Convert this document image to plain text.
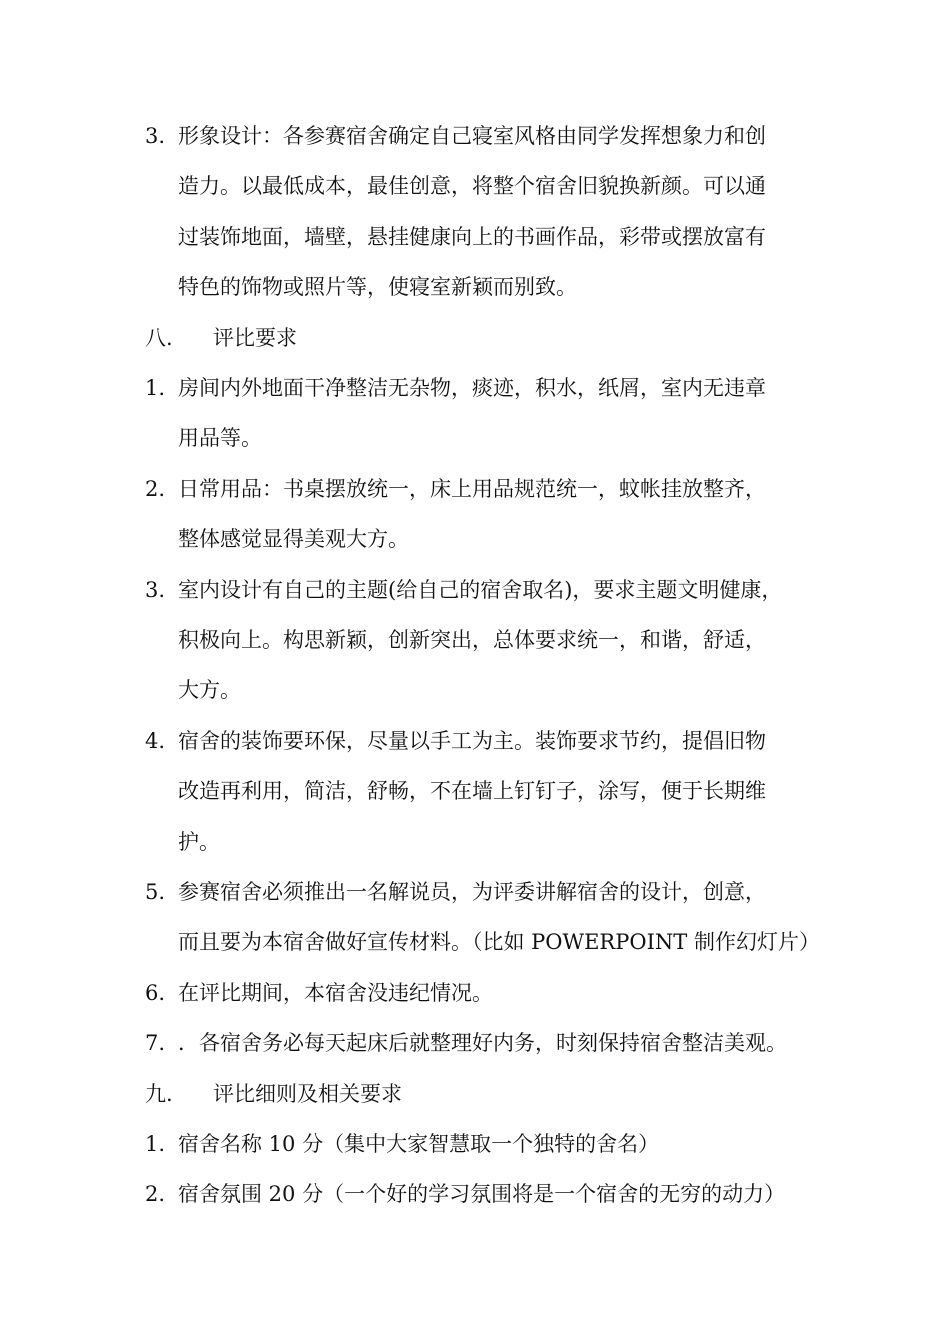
3. 形象设计：各参赛宿舍确定自己寝室风格由同学发挥想象力和创
造力。以最低成本，最佳创意，将整个宿舍旧貌换新颜。可以通
过装饰地面，墙壁，悬挂健康向上的书画作品，彩带或摆放富有
特色的饰物或照片等，使寝室新颖而别致。
八. 评比要求
1. 房间内外地面干净整洁无杂物，痰迹，积水，纸屑，室内无违章
用品等。
2. 日常用品：书桌摆放统一，床上用品规范统一，蚊帐挂放整齐，
整体感觉显得美观大方。
3. 室内设计有自己的主题(给自己的宿舍取名)，要求主题文明健康，
积极向上。构思新颖，创新突出，总体要求统一，和谐，舒适，
大方。
4. 宿舍的装饰要环保，尽量以手工为主。装饰要求节约，提倡旧物
改造再利用，简洁，舒畅，不在墙上钉钉子，涂写，便于长期维
护。
5. 参赛宿舍必须推出一名解说员，为评委讲解宿舍的设计，创意，
而且要为本宿舍做好宣传材料。（比如 POWERPOINT 制作幻灯片）
6. 在评比期间，本宿舍没违纪情况。
7. ．各宿舍务必每天起床后就整理好内务，时刻保持宿舍整洁美观。
九. 评比细则及相关要求
1. 宿舍名称 10 分（集中大家智慧取一个独特的舍名）
2. 宿舍氛围 20 分（一个好的学习氛围将是一个宿舍的无穷的动力）
